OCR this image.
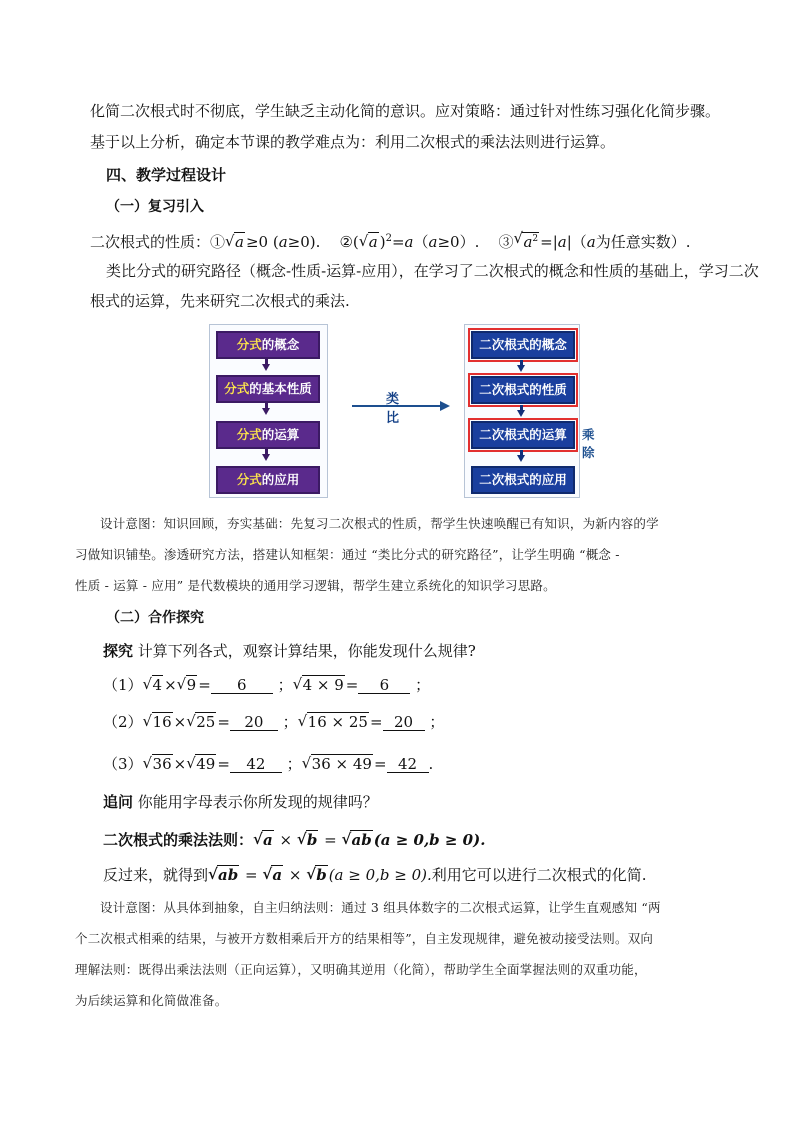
化简二次根式时不彻底，学生缺乏主动化简的意识。应对策略：通过针对性练习强化化简步骤。
基于以上分析，确定本节课的教学难点为：利用二次根式的乘法法则进行运算。
四、教学过程设计
（一）复习引入
二次根式的性质：① √ a ≥0 (a≥0). ②( √ a )$^2$=a（a≥0）. ③ √ $a^2 =|a|(a$为任意实数）.
类比分式的研究路径（概念-性质-运算-应用），在学习了二次根式的概念和性质的基础上，学习二次
根式的运算，先来研究二次根式的乘法.
分式的概念
分式的基本性质
分式的运算
分式的应用
类比
二次根式的概念
二次根式的性质
二次根式的运算
二次根式的应用
乘除
设计意图：知识回顾，夯实基础：先复习二次根式的性质，帮学生快速唤醒已有知识，为新内容的学
习做知识铺垫。渗透研究方法，搭建认知框架：通过 “类比分式的研究路径”，让学生明确 “概念 -
性质 - 运算 - 应用” 是代数模块的通用学习逻辑，帮学生建立系统化的知识学习思路。
（二）合作探究
探究 计算下列各式，观察计算结果，你能发现什么规律?
（1） √ 4 × √ 9 = 6 ； √ 4 × 9 = 6 ；
（2） √ 16 × √ 25 = 20 ； √ 16 × 25 = 20 ；
（3） √ 36 × √ 49 = 42 ； √ 36 × 49 = 42 .
追问 你能用字母表示你所发现的规律吗？
二次根式的乘法法则： √ a × √ b = √ ab (a ≥ 0,b ≥ 0).
反过来，就得到 √ ab = √ a × √ b (a ≥ 0,b ≥ 0).利用它可以进行二次根式的化简.
设计意图：从具体到抽象，自主归纳法则：通过 3 组具体数字的二次根式运算，让学生直观感知 “两
个二次根式相乘的结果，与被开方数相乘后开方的结果相等”，自主发现规律，避免被动接受法则。双向
理解法则：既得出乘法法则（正向运算），又明确其逆用（化简），帮助学生全面掌握法则的双重功能，
为后续运算和化简做准备。
